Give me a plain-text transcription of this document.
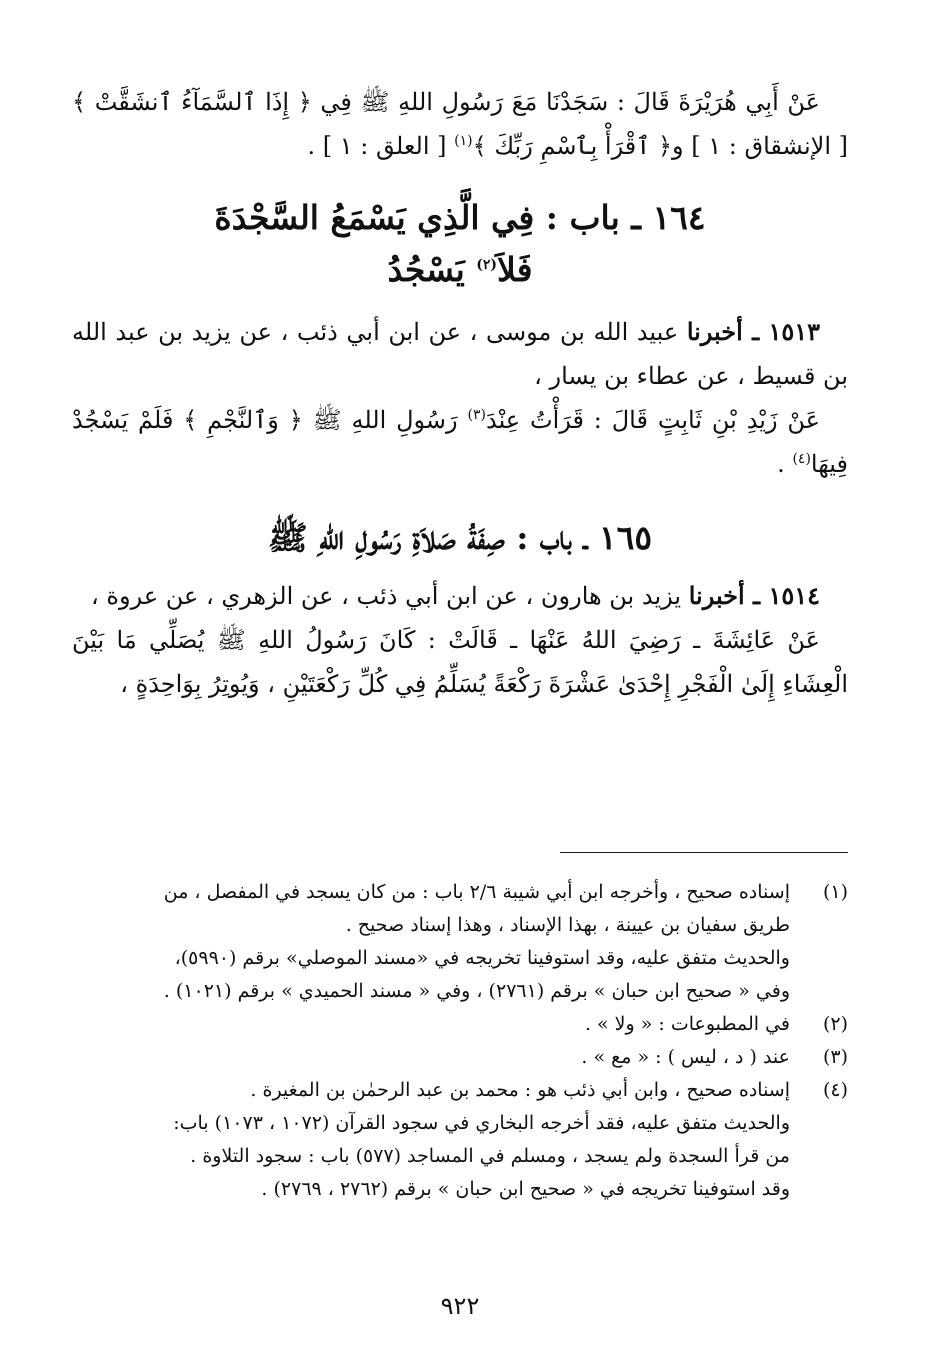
عَنْ أَبِي هُرَيْرَةَ قَالَ : سَجَدْنَا مَعَ رَسُولِ اللهِ ﷺ فِي ﴿ إِذَا ٱلسَّمَآءُ ٱنشَقَّتْ ﴾ [ الإنشقاق : ١ ] و﴿ ٱقْرَأْ بِٱسْمِ رَبِّكَ ﴾$^{(١)}$ [ العلق : ١ ] .

١٦٤ ـ باب : فِي الَّذِي يَسْمَعُ السَّجْدَةَ
فَلاَ$^{(٢)}$ يَسْجُدُ

١٥١٣ ـ أخبرنا عبيد الله بن موسى ، عن ابن أبي ذئب ، عن يزيد بن عبد الله بن قسيط ، عن عطاء بن يسار ،

عَنْ زَيْدِ بْنِ ثَابِتٍ قَالَ : قَرَأْتُ عِنْدَ$^{(٣)}$ رَسُولِ اللهِ ﷺ ﴿ وَٱلنَّجْمِ ﴾ فَلَمْ يَسْجُدْ فِيهَا$^{(٤)}$ .

١٦٥ ـ باب : صِفَةُ صَلاَةِ رَسُولِ اللهِ ﷺ

١٥١٤ ـ أخبرنا يزيد بن هارون ، عن ابن أبي ذئب ، عن الزهري ، عن عروة ،

عَنْ عَائِشَةَ ـ رَضِيَ اللهُ عَنْهَا ـ قَالَتْ : كَانَ رَسُولُ اللهِ ﷺ يُصَلِّي مَا بَيْنَ الْعِشَاءِ إِلَىٰ الْفَجْرِ إِحْدَىٰ عَشْرَةَ رَكْعَةً يُسَلِّمُ فِي كُلِّ رَكْعَتَيْنِ ، وَيُوتِرُ بِوَاحِدَةٍ ،

(١)
إسناده صحيح ، وأخرجه ابن أبي شيبة ٢/٦ باب : من كان يسجد في المفصل ، من
طريق سفيان بن عيينة ، بهذا الإسناد ، وهذا إسناد صحيح .
والحديث متفق عليه، وقد استوفينا تخريجه في «مسند الموصلي» برقم (٥٩٩٠)،
وفي « صحيح ابن حبان » برقم (٢٧٦١) ، وفي « مسند الحميدي » برقم (١٠٢١) .
(٢)
في المطبوعات : « ولا » .
(٣)
عند ( د ، ليس ) : « مع » .
(٤)
إسناده صحيح ، وابن أبي ذئب هو : محمد بن عبد الرحمٰن بن المغيرة .
والحديث متفق عليه، فقد أخرجه البخاري في سجود القرآن (١٠٧٢ ، ١٠٧٣) باب:
من قرأ السجدة ولم يسجد ، ومسلم في المساجد (٥٧٧) باب : سجود التلاوة .
وقد استوفينا تخريجه في « صحيح ابن حبان » برقم (٢٧٦٢ ، ٢٧٦٩) .
٩٢٢
